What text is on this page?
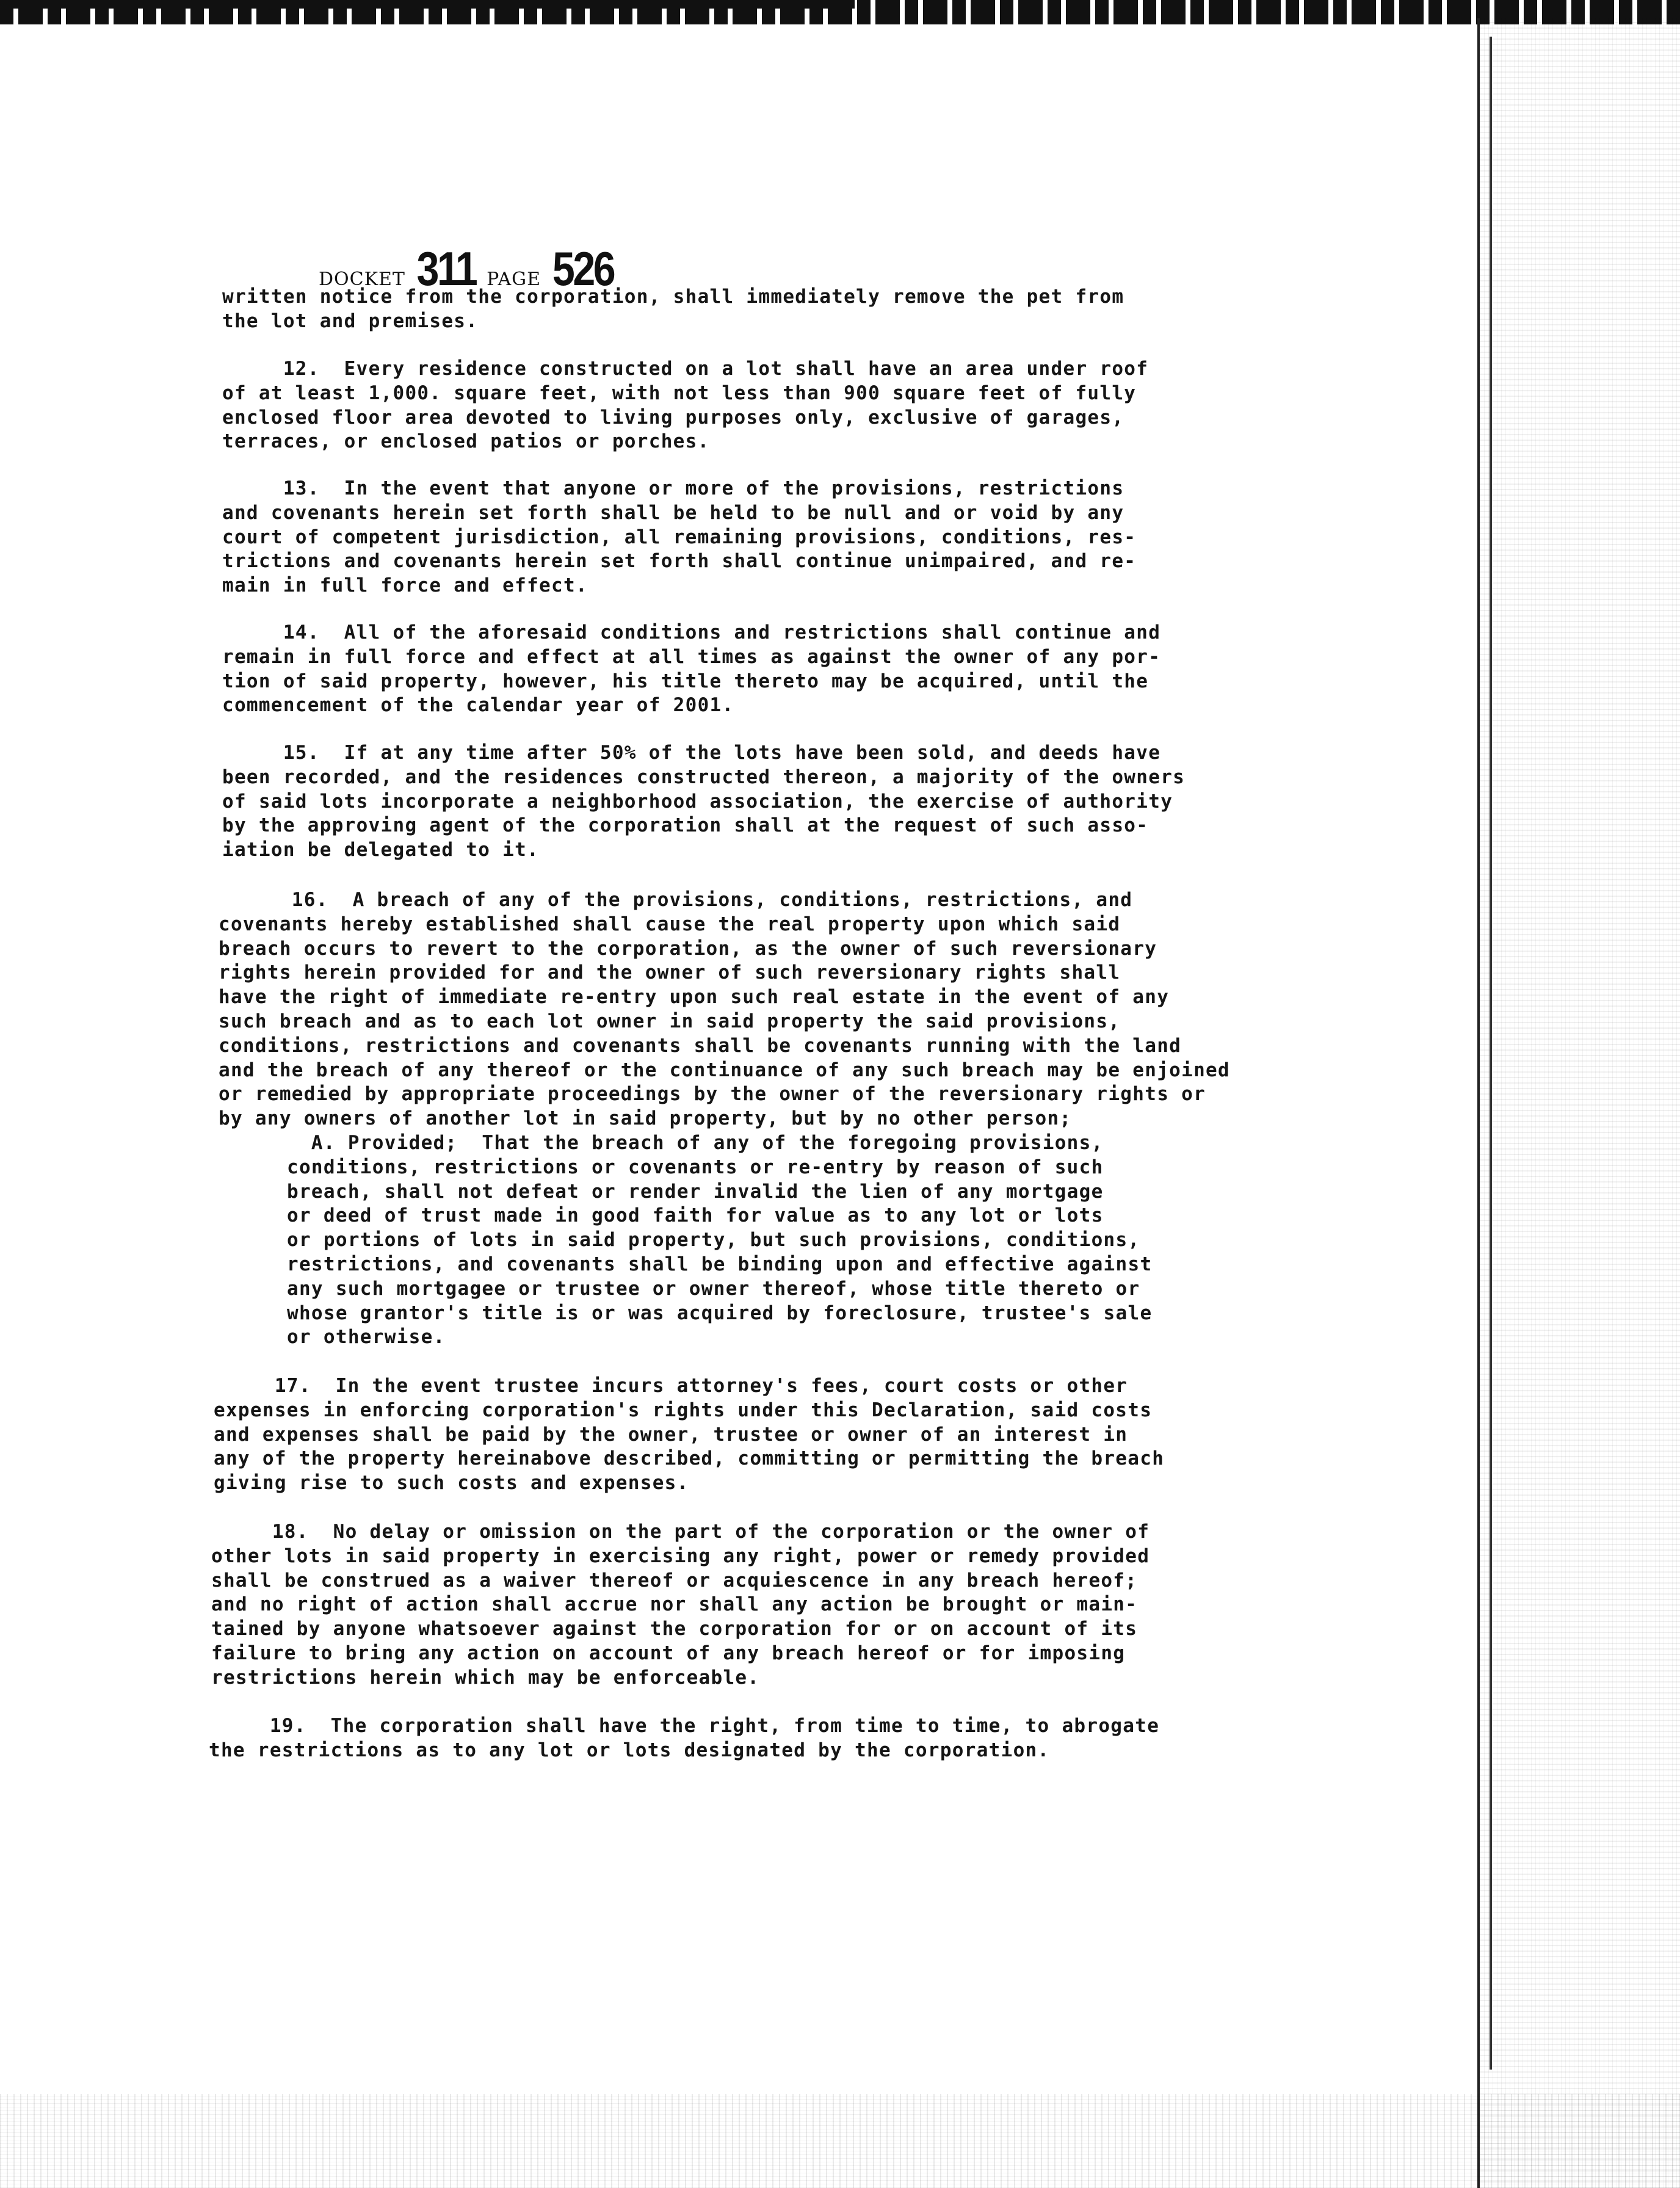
DOCKET 311 PAGE 526
written notice from the corporation, shall immediately remove the pet from
the lot and premises.
12.  Every residence constructed on a lot shall have an area under roof
of at least 1,000. square feet, with not less than 900 square feet of fully
enclosed floor area devoted to living purposes only, exclusive of garages,
terraces, or enclosed patios or porches.
13.  In the event that anyone or more of the provisions, restrictions
and covenants herein set forth shall be held to be null and or void by any
court of competent jurisdiction, all remaining provisions, conditions, res-
trictions and covenants herein set forth shall continue unimpaired, and re-
main in full force and effect.
14.  All of the aforesaid conditions and restrictions shall continue and
remain in full force and effect at all times as against the owner of any por-
tion of said property, however, his title thereto may be acquired, until the
commencement of the calendar year of 2001.
15.  If at any time after 50% of the lots have been sold, and deeds have
been recorded, and the residences constructed thereon, a majority of the owners
of said lots incorporate a neighborhood association, the exercise of authority
by the approving agent of the corporation shall at the request of such asso-
iation be delegated to it.
16.  A breach of any of the provisions, conditions, restrictions, and
covenants hereby established shall cause the real property upon which said
breach occurs to revert to the corporation, as the owner of such reversionary
rights herein provided for and the owner of such reversionary rights shall
have the right of immediate re-entry upon such real estate in the event of any
such breach and as to each lot owner in said property the said provisions,
conditions, restrictions and covenants shall be covenants running with the land
and the breach of any thereof or the continuance of any such breach may be enjoined
or remedied by appropriate proceedings by the owner of the reversionary rights or
by any owners of another lot in said property, but by no other person;
A. Provided;  That the breach of any of the foregoing provisions,
conditions, restrictions or covenants or re-entry by reason of such
breach, shall not defeat or render invalid the lien of any mortgage
or deed of trust made in good faith for value as to any lot or lots
or portions of lots in said property, but such provisions, conditions,
restrictions, and covenants shall be binding upon and effective against
any such mortgagee or trustee or owner thereof, whose title thereto or
whose grantor's title is or was acquired by foreclosure, trustee's sale
or otherwise.
17.  In the event trustee incurs attorney's fees, court costs or other
expenses in enforcing corporation's rights under this Declaration, said costs
and expenses shall be paid by the owner, trustee or owner of an interest in
any of the property hereinabove described, committing or permitting the breach
giving rise to such costs and expenses.
18.  No delay or omission on the part of the corporation or the owner of
other lots in said property in exercising any right, power or remedy provided
shall be construed as a waiver thereof or acquiescence in any breach hereof;
and no right of action shall accrue nor shall any action be brought or main-
tained by anyone whatsoever against the corporation for or on account of its
failure to bring any action on account of any breach hereof or for imposing
restrictions herein which may be enforceable.
19.  The corporation shall have the right, from time to time, to abrogate
the restrictions as to any lot or lots designated by the corporation.
